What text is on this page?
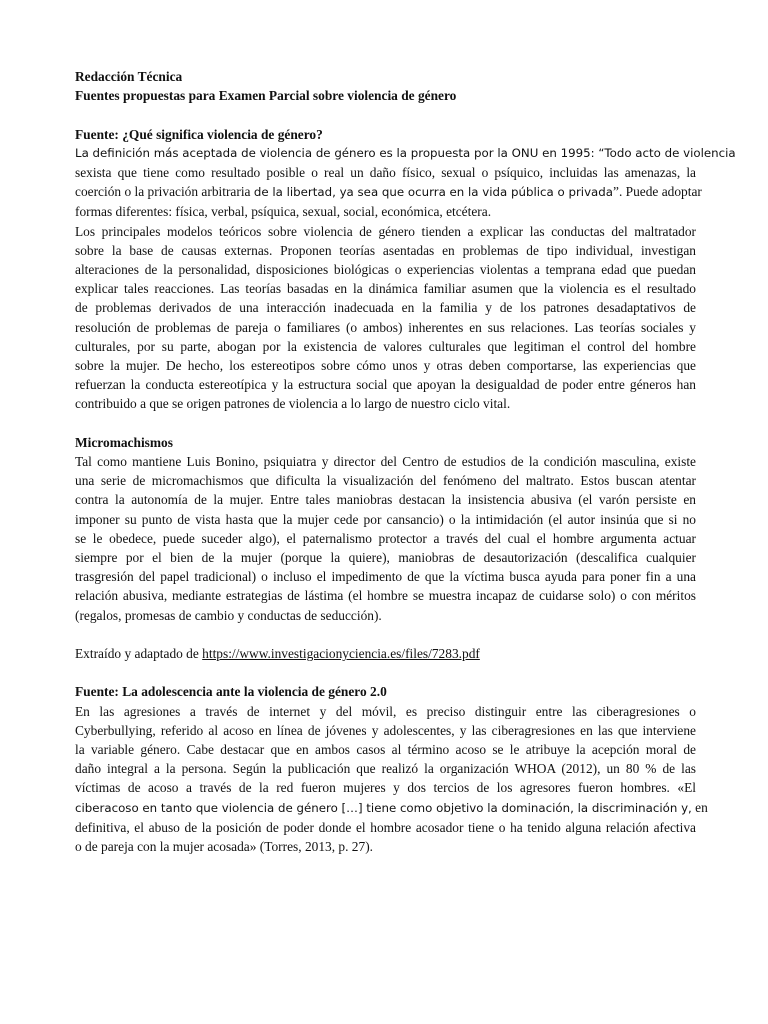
Redacción Técnica
Fuentes propuestas para Examen Parcial sobre violencia de género
Fuente: ¿Qué significa violencia de género?
La definición más aceptada de violencia de género es la propuesta por la ONU en 1995: “Todo acto de violencia
sexista que tiene como resultado posible o real un daño físico, sexual o psíquico, incluidas las amenazas, la
coerción o la privación arbitraria de la libertad, ya sea que ocurra en la vida pública o privada”. Puede adoptar
formas diferentes: física, verbal, psíquica, sexual, social, económica, etcétera.
Los principales modelos teóricos sobre violencia de género tienden a explicar las conductas del maltratador
sobre la base de causas externas. Proponen teorías asentadas en problemas de tipo individual, investigan
alteraciones de la personalidad, disposiciones biológicas o experiencias violentas a temprana edad que puedan
explicar tales reacciones. Las teorías basadas en la dinámica familiar asumen que la violencia es el resultado
de problemas derivados de una interacción inadecuada en la familia y de los patrones desadaptativos de
resolución de problemas de pareja o familiares (o ambos) inherentes en sus relaciones. Las teorías sociales y
culturales, por su parte, abogan por la existencia de valores culturales que legitiman el control del hombre
sobre la mujer. De hecho, los estereotipos sobre cómo unos y otras deben comportarse, las experiencias que
refuerzan la conducta estereotípica y la estructura social que apoyan la desigualdad de poder entre géneros han
contribuido a que se origen patrones de violencia a lo largo de nuestro ciclo vital.
Micromachismos
Tal como mantiene Luis Bonino, psiquiatra y director del Centro de estudios de la condición masculina, existe
una serie de micromachismos que dificulta la visualización del fenómeno del maltrato. Estos buscan atentar
contra la autonomía de la mujer. Entre tales maniobras destacan la insistencia abusiva (el varón persiste en
imponer su punto de vista hasta que la mujer cede por cansancio) o la intimidación (el autor insinúa que si no
se le obedece, puede suceder algo), el paternalismo protector a través del cual el hombre argumenta actuar
siempre por el bien de la mujer (porque la quiere), maniobras de desautorización (descalifica cualquier
trasgresión del papel tradicional) o incluso el impedimento de que la víctima busca ayuda para poner fin a una
relación abusiva, mediante estrategias de lástima (el hombre se muestra incapaz de cuidarse solo) o con méritos
(regalos, promesas de cambio y conductas de seducción).
Extraído y adaptado de https://www.investigacionyciencia.es/files/7283.pdf
Fuente: La adolescencia ante la violencia de género 2.0
En las agresiones a través de internet y del móvil, es preciso distinguir entre las ciberagresiones o
Cyberbullying, referido al acoso en línea de jóvenes y adolescentes, y las ciberagresiones en las que interviene
la variable género. Cabe destacar que en ambos casos al término acoso se le atribuye la acepción moral de
daño integral a la persona. Según la publicación que realizó la organización WHOA (2012), un 80 % de las
víctimas de acoso a través de la red fueron mujeres y dos tercios de los agresores fueron hombres. «El
ciberacoso en tanto que violencia de género […] tiene como objetivo la dominación, la discriminación y, en
definitiva, el abuso de la posición de poder donde el hombre acosador tiene o ha tenido alguna relación afectiva
o de pareja con la mujer acosada» (Torres, 2013, p. 27).
